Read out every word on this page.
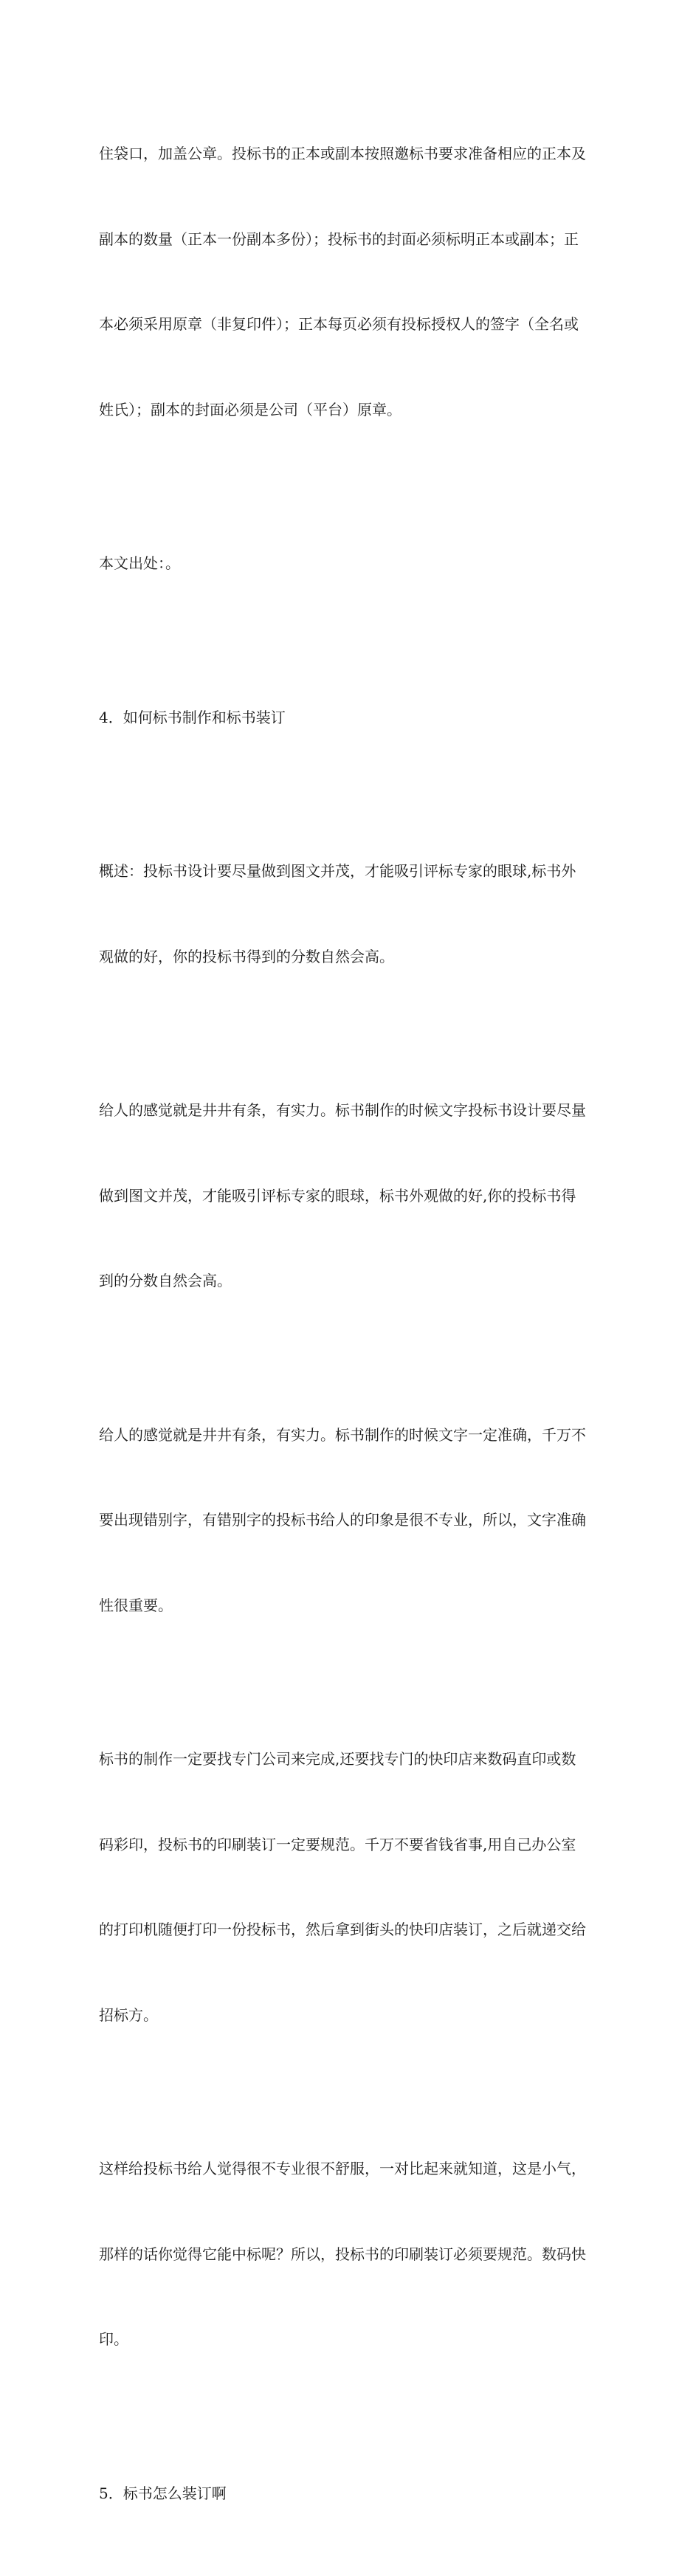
住袋口，加盖公章。投标书的正本或副本按照邀标书要求准备相应的正本及

副本的数量（正本一份副本多份）；投标书的封面必须标明正本或副本；正

本必须采用原章（非复印件）；正本每页必须有投标授权人的签字（全名或

姓氏）；副本的封面必须是公司（平台）原章。

本文出处：。

4．如何标书制作和标书装订

概述：投标书设计要尽量做到图文并茂，才能吸引评标专家的眼球,标书外

观做的好，你的投标书得到的分数自然会高。

给人的感觉就是井井有条，有实力。标书制作的时候文字投标书设计要尽量

做到图文并茂，才能吸引评标专家的眼球，标书外观做的好,你的投标书得

到的分数自然会高。

给人的感觉就是井井有条，有实力。标书制作的时候文字一定准确，千万不

要出现错别字，有错别字的投标书给人的印象是很不专业，所以，文字准确

性很重要。

标书的制作一定要找专门公司来完成,还要找专门的快印店来数码直印或数

码彩印，投标书的印刷装订一定要规范。千万不要省钱省事,用自己办公室

的打印机随便打印一份投标书，然后拿到街头的快印店装订，之后就递交给

招标方。

这样给投标书给人觉得很不专业很不舒服，一对比起来就知道，这是小气，

那样的话你觉得它能中标呢？所以，投标书的印刷装订必须要规范。数码快

印。

5．标书怎么装订啊
